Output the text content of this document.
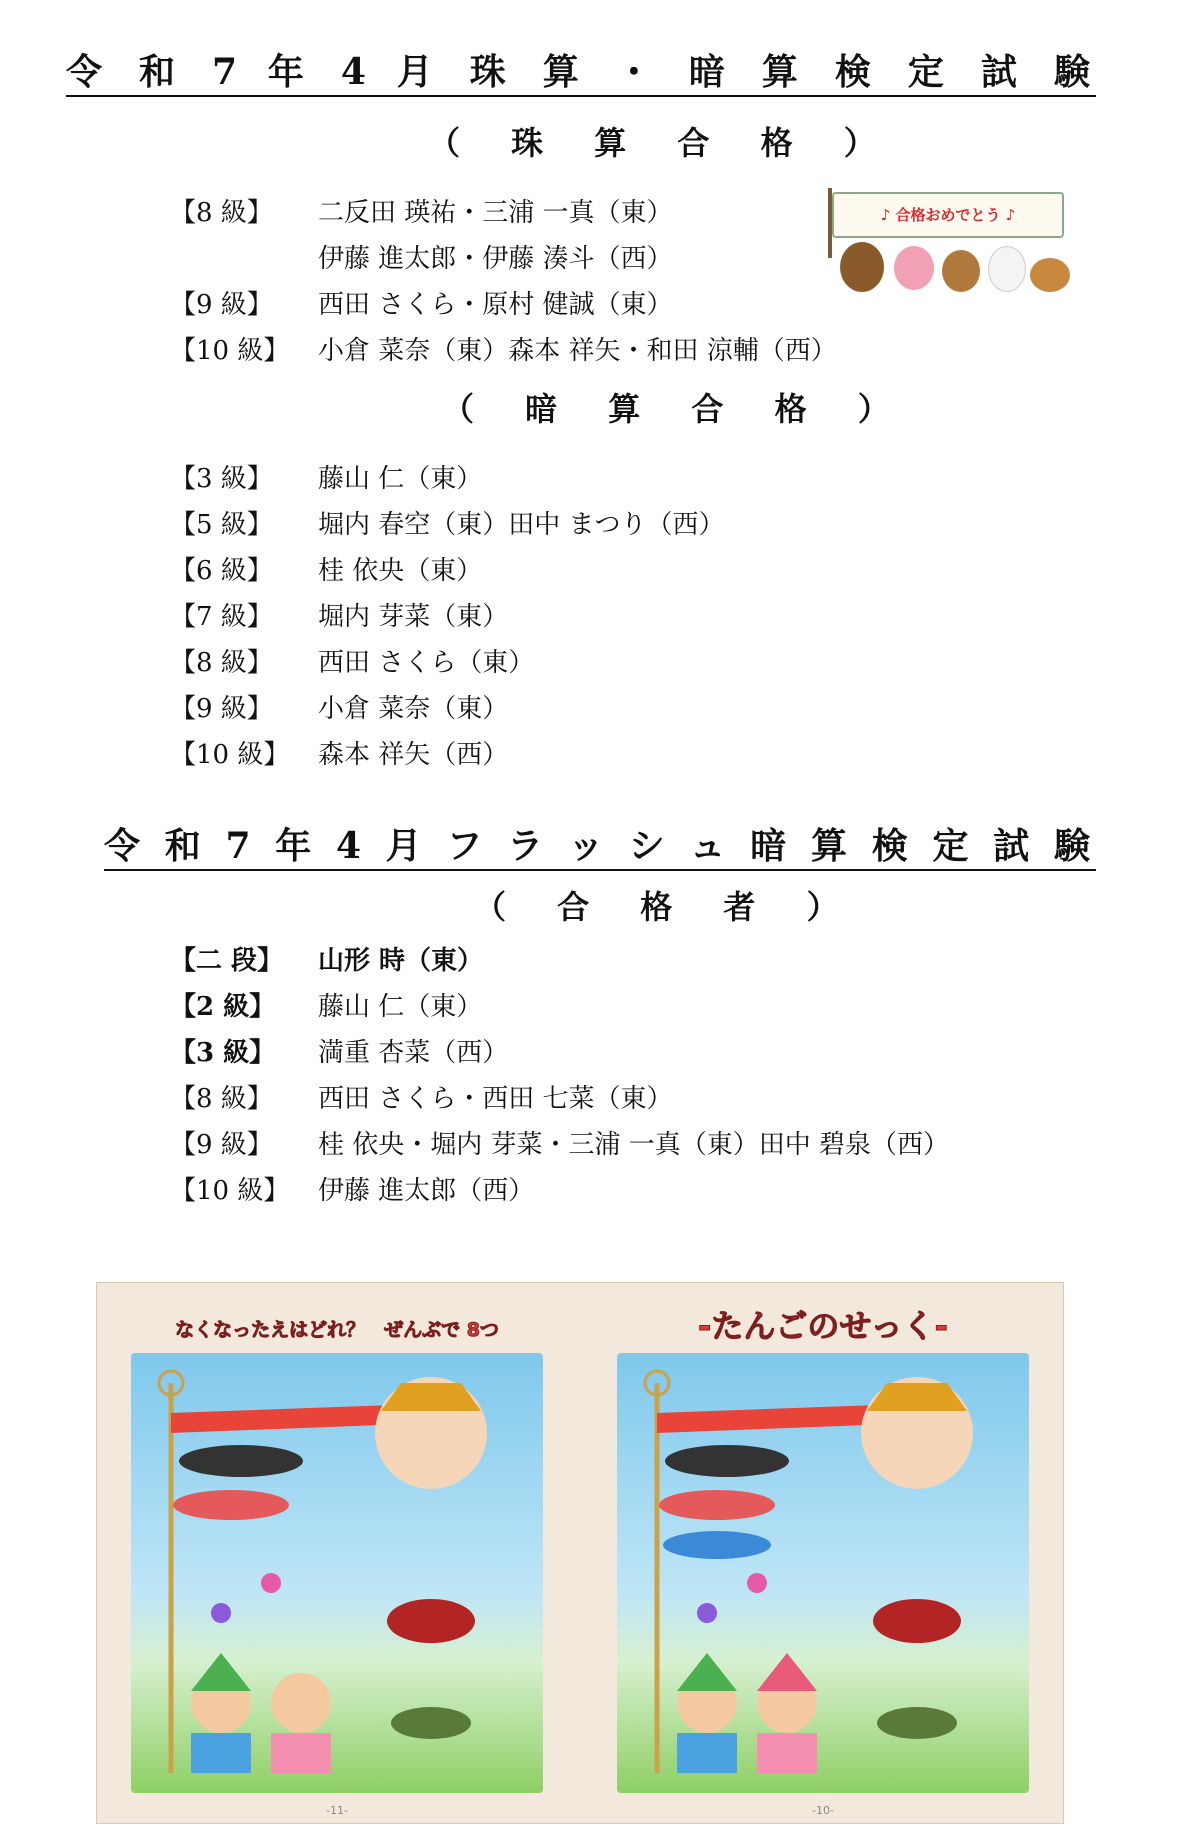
令 和 7 年 4 月 珠 算 ・ 暗 算 検 定 試 験
（ 珠 算 合 格 ）
【8 級】 二反田 瑛祐・三浦 一真（東）
伊藤 進太郎・伊藤 湊斗（西）
【9 級】 西田 さくら・原村 健誠（東）
【10 級】 小倉 菜奈（東）森本 祥矢・和田 涼輔（西）
♪ 合格おめでとう ♪
（ 暗 算 合 格 ）
【3 級】 藤山 仁（東）
【5 級】 堀内 春空（東）田中 まつり（西）
【6 級】 桂 依央（東）
【7 級】 堀内 芽菜（東）
【8 級】 西田 さくら（東）
【9 級】 小倉 菜奈（東）
【10 級】 森本 祥矢（西）
令 和 7 年 4 月 フ ラ ッ シ ュ 暗 算 検 定 試 験
（ 合 格 者 ）
【二 段】 山形 時（東）
【2 級】 藤山 仁（東）
【3 級】 満重 杏菜（西）
【8 級】 西田 さくら・西田 七菜（東）
【9 級】 桂 依央・堀内 芽菜・三浦 一真（東）田中 碧泉（西）
【10 級】 伊藤 進太郎（西）
なくなったえはどれ？　ぜんぶで 8つ
-11-
-たんごのせっく-
-10-
